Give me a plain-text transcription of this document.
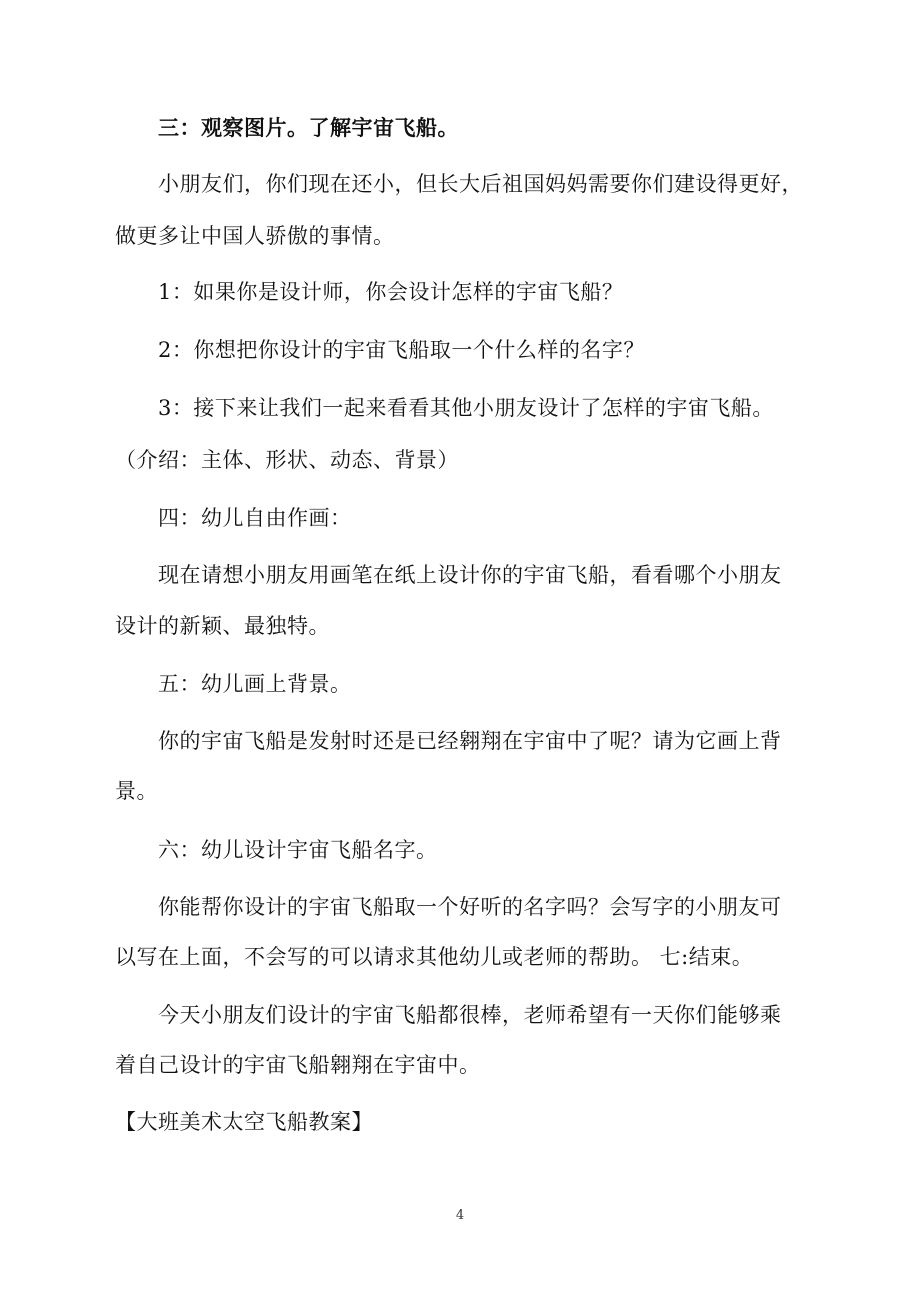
三：观察图片。了解宇宙飞船。
小朋友们，你们现在还小，但长大后祖国妈妈需要你们建设得更好，
做更多让中国人骄傲的事情。
1：如果你是设计师，你会设计怎样的宇宙飞船？
2：你想把你设计的宇宙飞船取一个什么样的名字？
3：接下来让我们一起来看看其他小朋友设计了怎样的宇宙飞船。
（介绍：主体、形状、动态、背景）
四：幼儿自由作画：
现在请想小朋友用画笔在纸上设计你的宇宙飞船，看看哪个小朋友
设计的新颖、最独特。
五：幼儿画上背景。
你的宇宙飞船是发射时还是已经翱翔在宇宙中了呢？请为它画上背
景。
六：幼儿设计宇宙飞船名字。
你能帮你设计的宇宙飞船取一个好听的名字吗？会写字的小朋友可
以写在上面，不会写的可以请求其他幼儿或老师的帮助。 七:结束。
今天小朋友们设计的宇宙飞船都很棒，老师希望有一天你们能够乘
着自己设计的宇宙飞船翱翔在宇宙中。
【大班美术太空飞船教案】
4
